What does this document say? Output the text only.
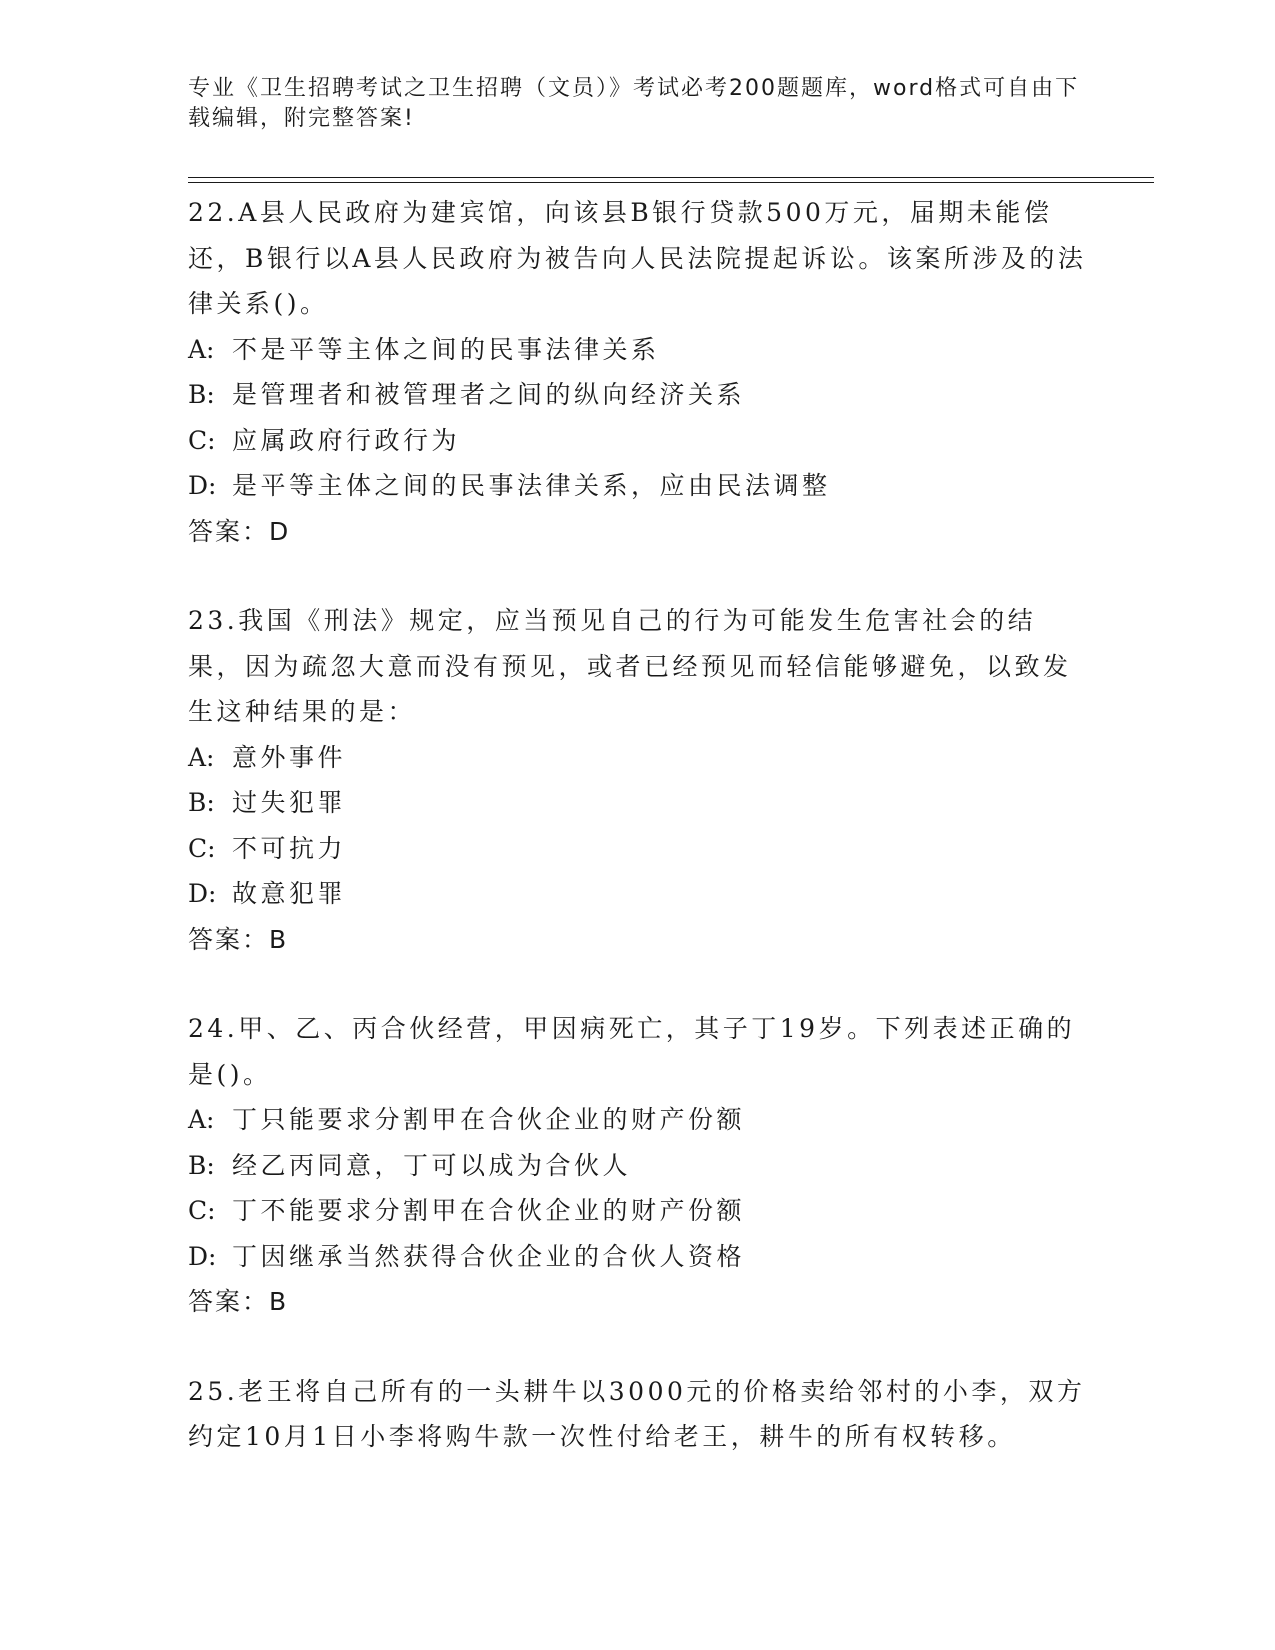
专业《卫生招聘考试之卫生招聘（文员）》考试必考200题题库，word格式可自由下载编辑，附完整答案!

22.A县人民政府为建宾馆，向该县B银行贷款500万元，届期未能偿还，B银行以A县人民政府为被告向人民法院提起诉讼。该案所涉及的法律关系()。

A: 不是平等主体之间的民事法律关系

B: 是管理者和被管理者之间的纵向经济关系

C: 应属政府行政行为

D: 是平等主体之间的民事法律关系，应由民法调整

答案：D

23.我国《刑法》规定，应当预见自己的行为可能发生危害社会的结果，因为疏忽大意而没有预见，或者已经预见而轻信能够避免，以致发生这种结果的是：

A: 意外事件

B: 过失犯罪

C: 不可抗力

D: 故意犯罪

答案：B

24.甲、乙、丙合伙经营，甲因病死亡，其子丁19岁。下列表述正确的是()。

A: 丁只能要求分割甲在合伙企业的财产份额

B: 经乙丙同意，丁可以成为合伙人

C: 丁不能要求分割甲在合伙企业的财产份额

D: 丁因继承当然获得合伙企业的合伙人资格

答案：B

25.老王将自己所有的一头耕牛以3000元的价格卖给邻村的小李，双方约定10月1日小李将购牛款一次性付给老王，耕牛的所有权转移。
